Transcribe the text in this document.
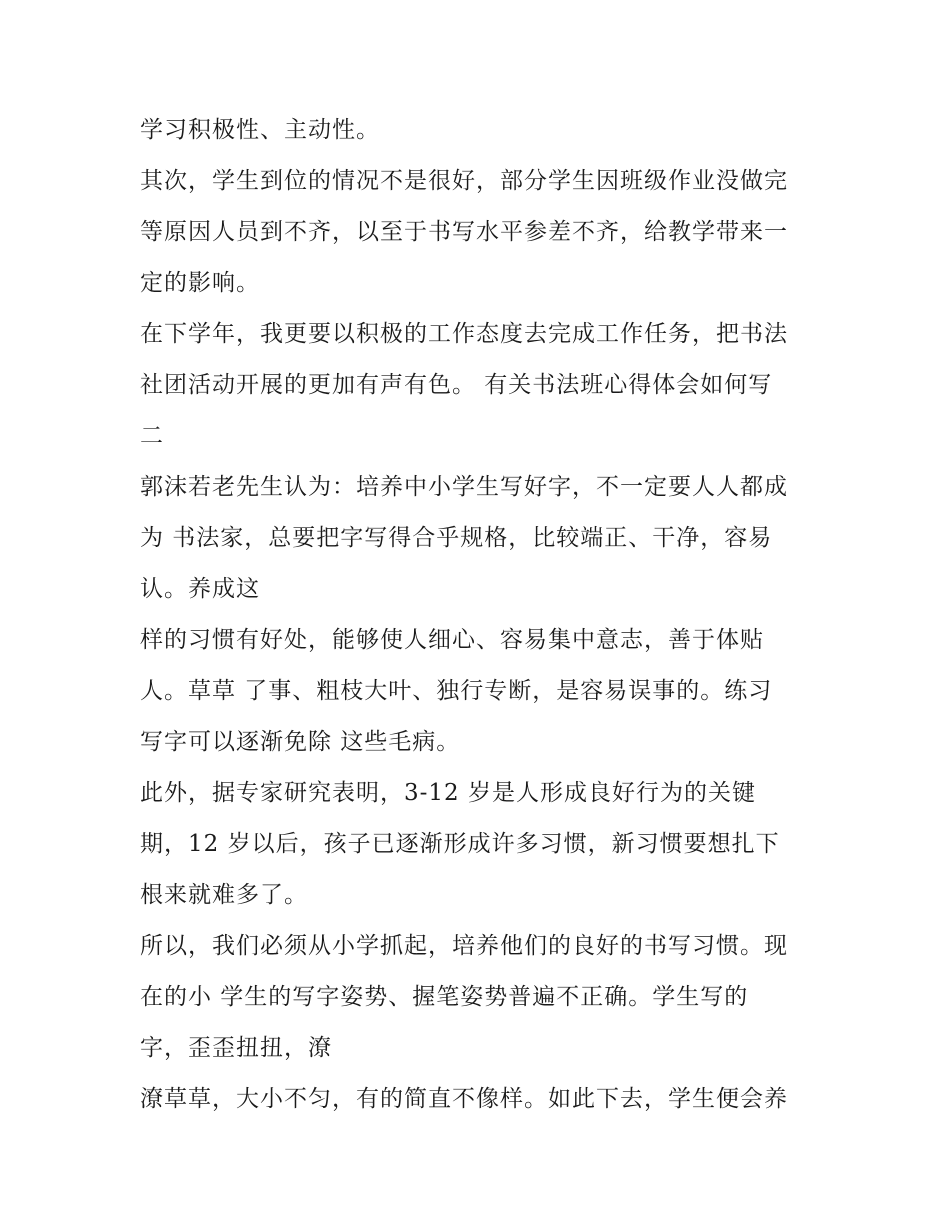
学习积极性、主动性。
其次，学生到位的情况不是很好，部分学生因班级作业没做完
等原因人员到不齐，以至于书写水平参差不齐，给教学带来一
定的影响。
在下学年，我更要以积极的工作态度去完成工作任务，把书法
社团活动开展的更加有声有色。 有关书法班心得体会如何写
二
郭沫若老先生认为：培养中小学生写好字，不一定要人人都成
为 书法家，总要把字写得合乎规格，比较端正、干净，容易
认。养成这
样的习惯有好处，能够使人细心、容易集中意志，善于体贴
人。草草 了事、粗枝大叶、独行专断，是容易误事的。练习
写字可以逐渐免除 这些毛病。
此外，据专家研究表明，3-12 岁是人形成良好行为的关键
期，12 岁以后，孩子已逐渐形成许多习惯，新习惯要想扎下
根来就难多了。
所以，我们必须从小学抓起，培养他们的良好的书写习惯。现
在的小 学生的写字姿势、握笔姿势普遍不正确。学生写的
字，歪歪扭扭，潦
潦草草，大小不匀，有的简直不像样。如此下去，学生便会养
